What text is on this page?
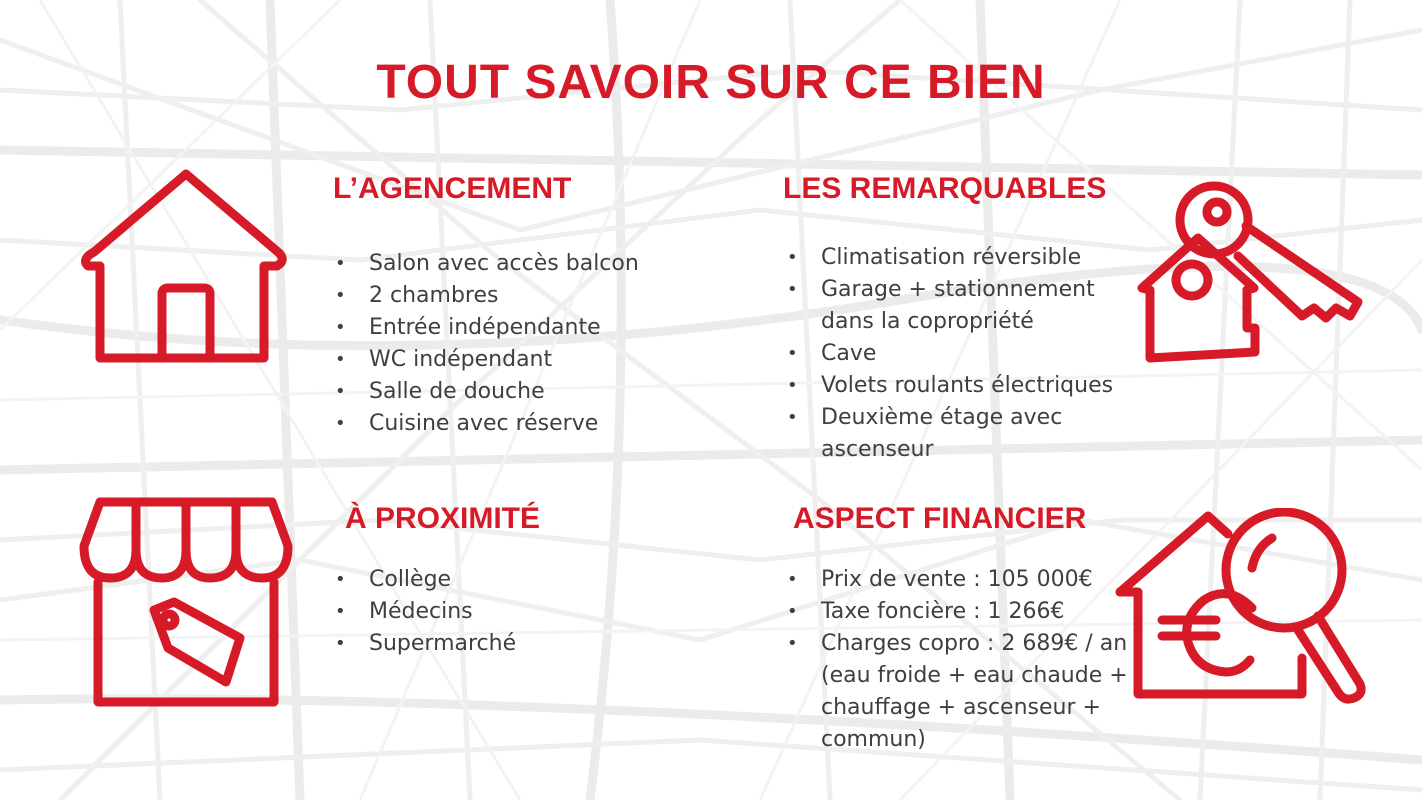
TOUT SAVOIR SUR CE BIEN
L’AGENCEMENT
• Salon avec accès balcon
• 2 chambres
• Entrée indépendante
• WC indépendant
• Salle de douche
• Cuisine avec réserve
LES REMARQUABLES
• Climatisation réversible
• Garage + stationnement dans la copropriété
• Cave
• Volets roulants électriques
• Deuxième étage avec ascenseur
À PROXIMITÉ
• Collège
• Médecins
• Supermarché
ASPECT FINANCIER
• Prix de vente : 105 000€
• Taxe foncière : 1 266€
• Charges copro : 2 689€ / an (eau froide + eau chaude + chauffage + ascenseur + commun)
